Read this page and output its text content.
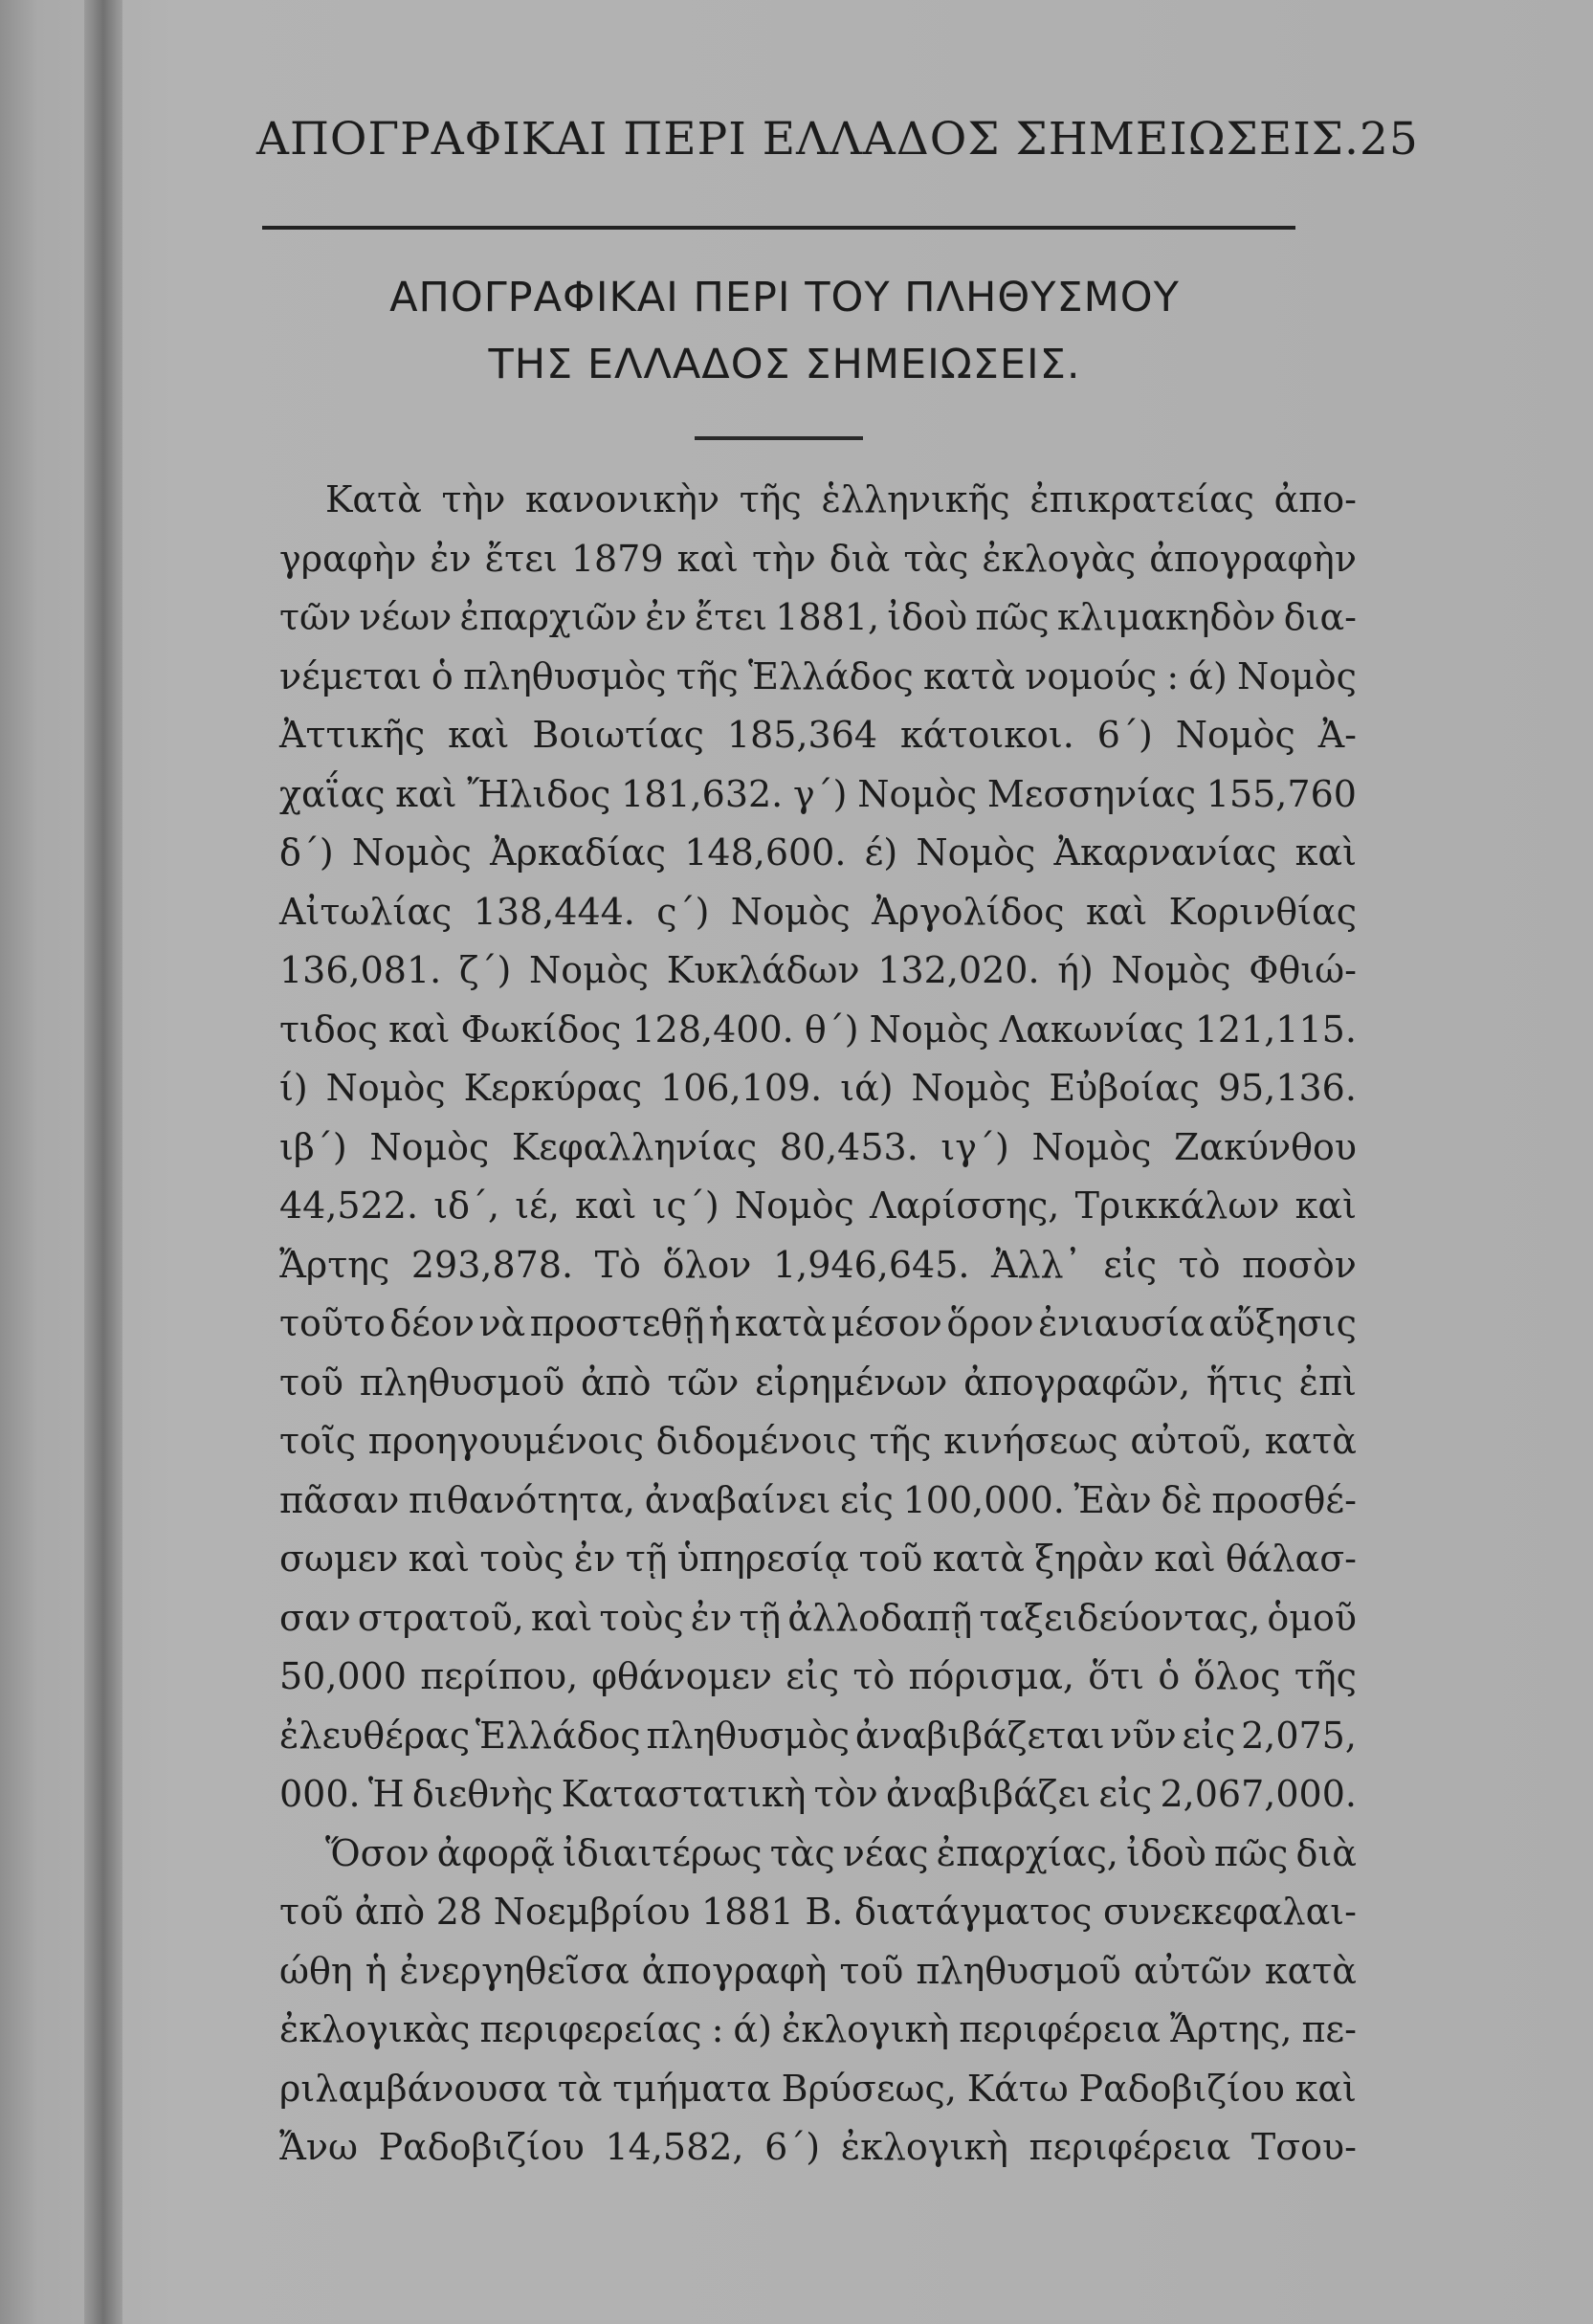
ΑΠΟΓΡΑΦΙΚΑΙ ΠΕΡΙ ΕΛΛΑΔΟΣ ΣΗΜΕΙΩΣΕΙΣ. 25
ΑΠΟΓΡΑΦΙΚΑΙ ΠΕΡΙ ΤΟΥ ΠΛΗΘΥΣΜΟΥ
ΤΗΣ ΕΛΛΑΔΟΣ ΣΗΜΕΙΩΣΕΙΣ.
Κατὰ τὴν κανονικὴν τῆς ἑλληνικῆς ἐπικρατείας ἀπο-
γραφὴν ἐν ἔτει 1879 καὶ τὴν διὰ τὰς ἐκλογὰς ἀπογραφὴν
τῶν νέων ἐπαρχιῶν ἐν ἔτει 1881, ἰδοὺ πῶς κλιμακηδὸν δια-
νέμεται ὁ πληθυσμὸς τῆς Ἑλλάδος κατὰ νομούς : ά) Νομὸς
Ἀττικῆς καὶ Βοιωτίας 185,364 κάτοικοι. 6΄) Νομὸς Ἀ-
χαΐας καὶ Ἤλιδος 181,632. γ΄) Νομὸς Μεσσηνίας 155,760
δ΄) Νομὸς Ἀρκαδίας 148,600. έ) Νομὸς Ἀκαρνανίας καὶ
Αἰτωλίας 138,444. ς΄) Νομὸς Ἀργολίδος καὶ Κορινθίας
136,081. ζ΄) Νομὸς Κυκλάδων 132,020. ή) Νομὸς Φθιώ-
τιδος καὶ Φωκίδος 128,400. θ΄) Νομὸς Λακωνίας 121,115.
ί) Νομὸς Κερκύρας 106,109. ιά) Νομὸς Εὐβοίας 95,136.
ιβ΄) Νομὸς Κεφαλληνίας 80,453. ιγ΄) Νομὸς Ζακύνθου
44,522. ιδ΄, ιέ, καὶ ις΄) Νομὸς Λαρίσσης, Τρικκάλων καὶ
Ἄρτης 293,878. Τὸ ὅλον 1,946,645. Ἀλλ᾽ εἰς τὸ ποσὸν
τοῦτο δέον νὰ προστεθῇ ἡ κατὰ μέσον ὅρον ἐνιαυσία αὔξησις
τοῦ πληθυσμοῦ ἀπὸ τῶν εἰρημένων ἀπογραφῶν, ἥτις ἐπὶ
τοῖς προηγουμένοις διδομένοις τῆς κινήσεως αὐτοῦ, κατὰ
πᾶσαν πιθανότητα, ἀναβαίνει εἰς 100,000. Ἐὰν δὲ προσθέ-
σωμεν καὶ τοὺς ἐν τῇ ὑπηρεσίᾳ τοῦ κατὰ ξηρὰν καὶ θάλασ-
σαν στρατοῦ, καὶ τοὺς ἐν τῇ ἀλλοδαπῇ ταξειδεύοντας, ὁμοῦ
50,000 περίπου, φθάνομεν εἰς τὸ πόρισμα, ὅτι ὁ ὅλος τῆς
ἐλευθέρας Ἑλλάδος πληθυσμὸς ἀναβιβάζεται νῦν εἰς 2,075,
000. Ἡ διεθνὴς Καταστατικὴ τὸν ἀναβιβάζει εἰς 2,067,000.
Ὅσον ἀφορᾷ ἰδιαιτέρως τὰς νέας ἐπαρχίας, ἰδοὺ πῶς διὰ
τοῦ ἀπὸ 28 Νοεμβρίου 1881 Β. διατάγματος συνεκεφαλαι-
ώθη ἡ ἐνεργηθεῖσα ἀπογραφὴ τοῦ πληθυσμοῦ αὐτῶν κατὰ
ἐκλογικὰς περιφερείας : ά) ἐκλογικὴ περιφέρεια Ἄρτης, πε-
ριλαμβάνουσα τὰ τμήματα Βρύσεως, Κάτω Ραδοβιζίου καὶ
Ἄνω Ραδοβιζίου 14,582, 6΄) ἐκλογικὴ περιφέρεια Τσου-
